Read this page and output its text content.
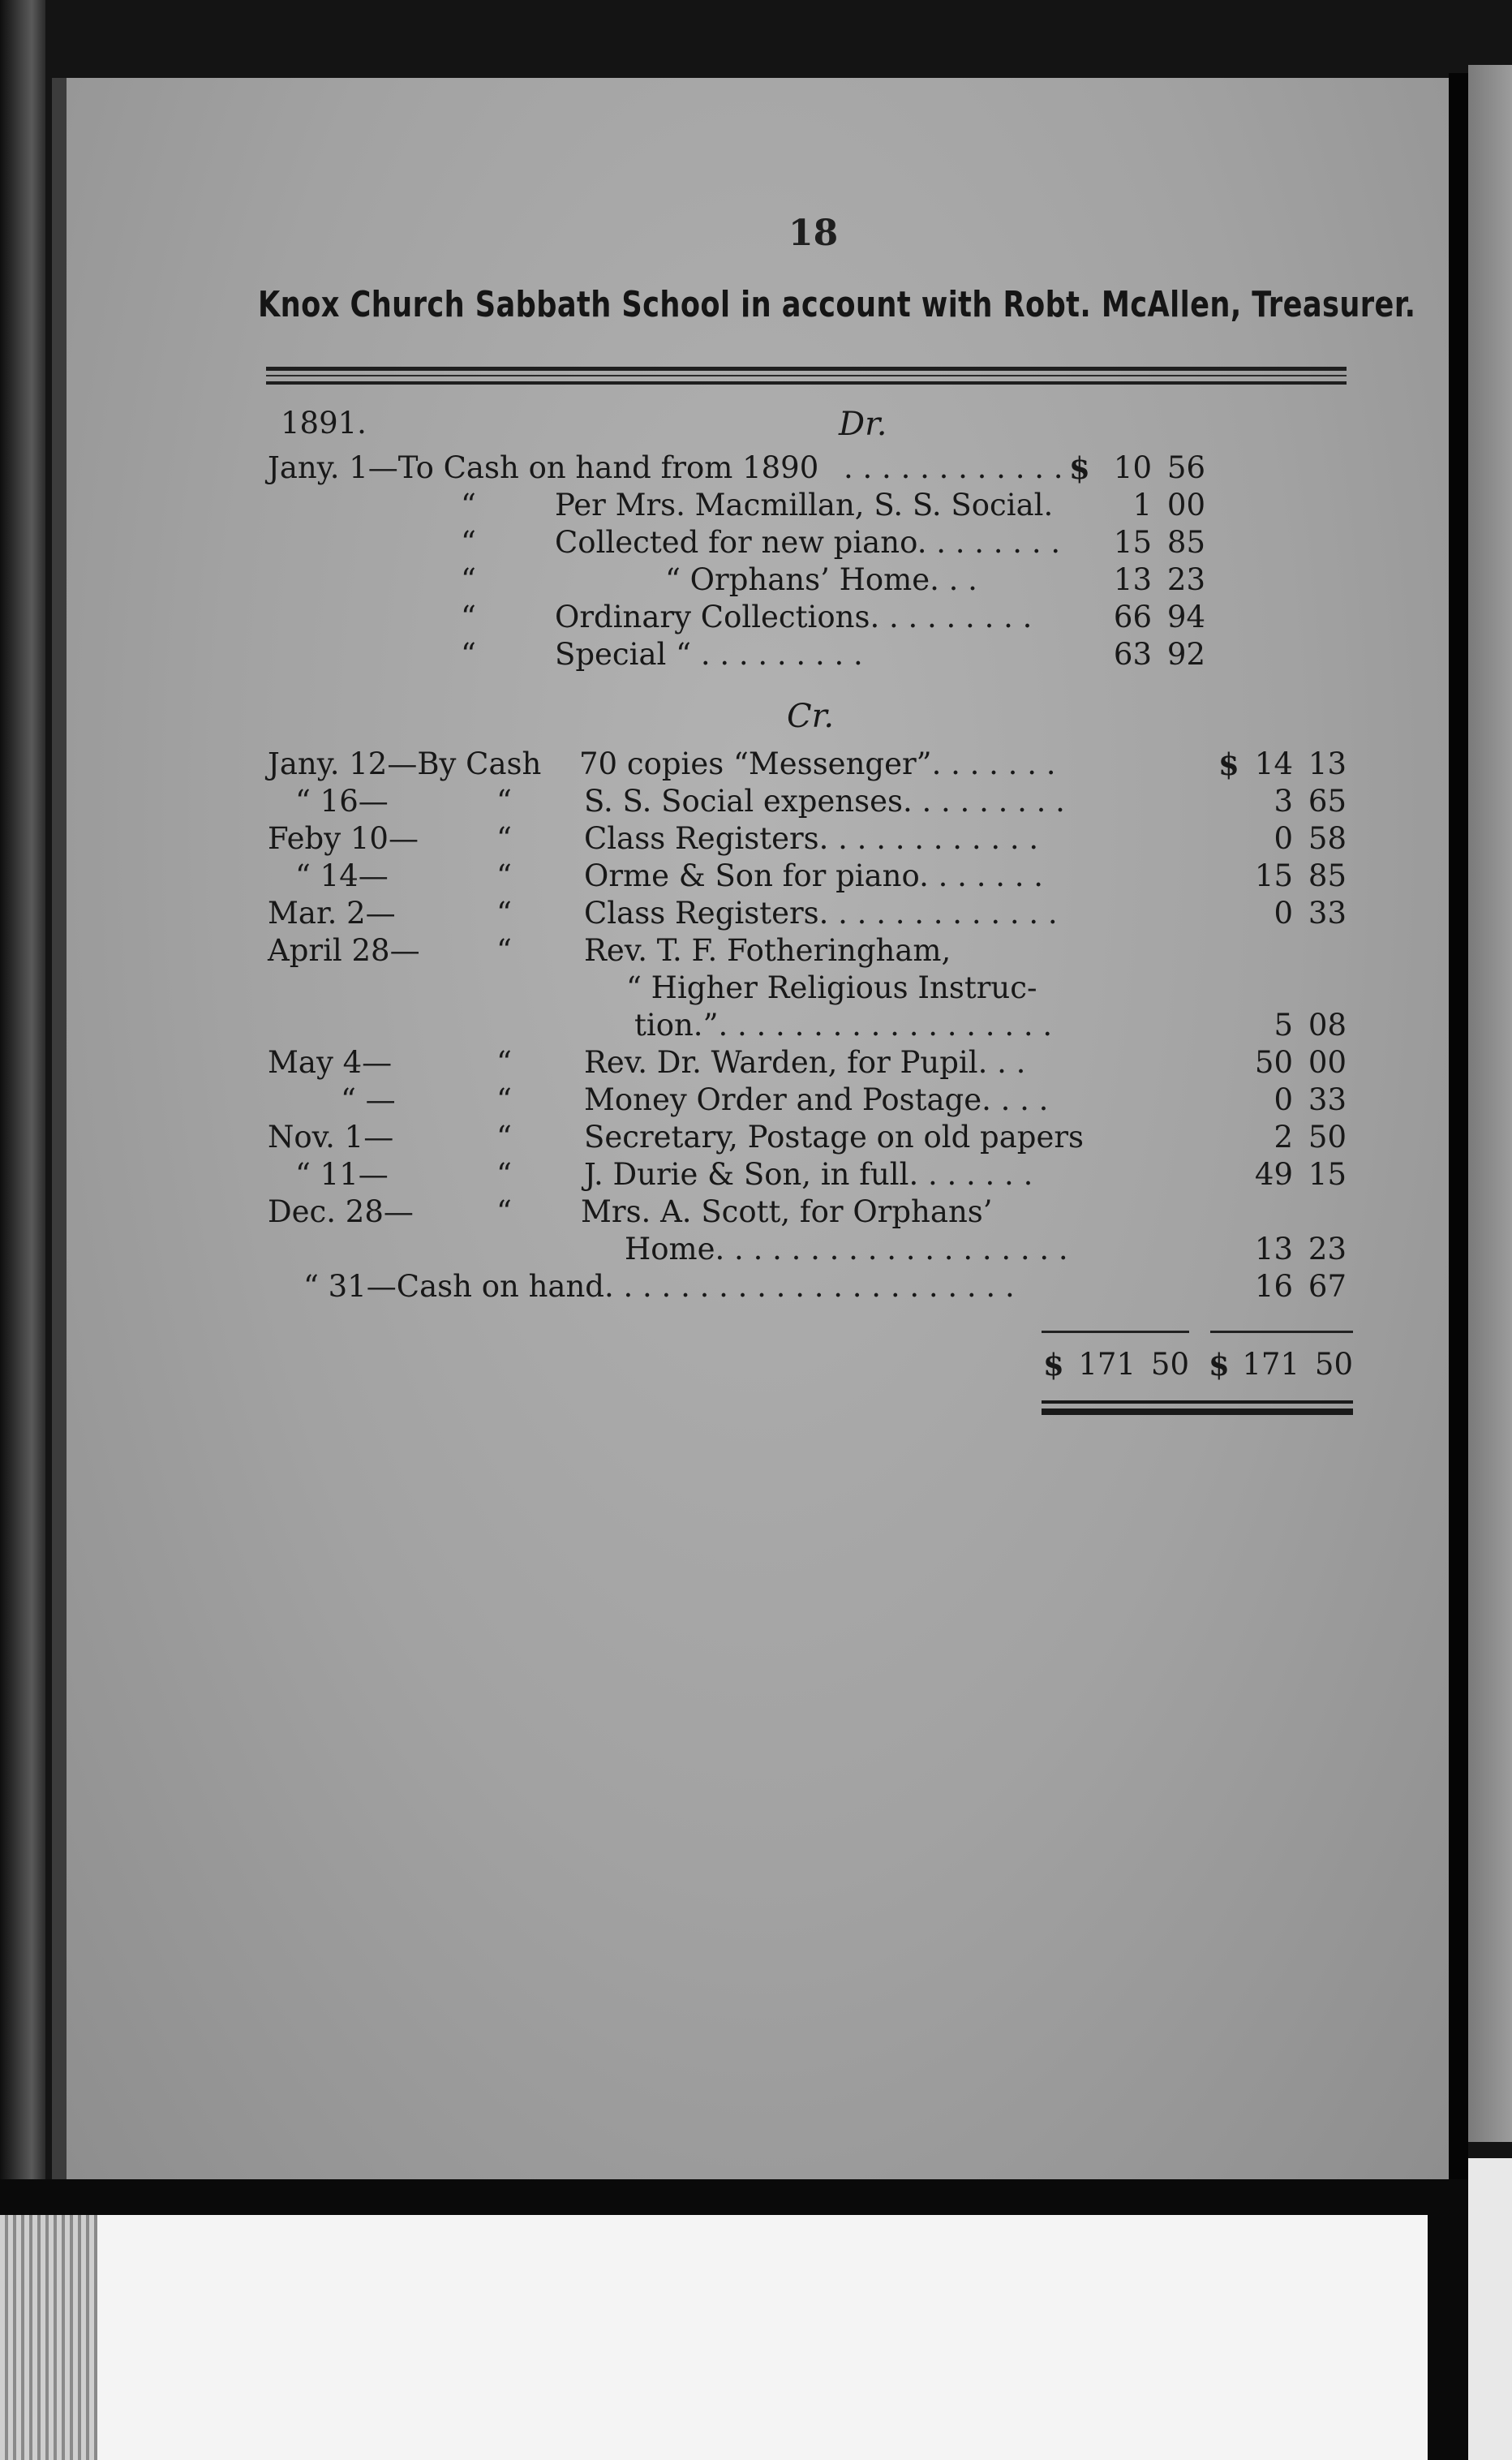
18
Knox Church Sabbath School in account with Robt. McAllen, Treasurer.
1891.	Dr.
Jany. 1—To Cash on hand from 1890 . . . . . . . . . . . . $ 10 56
“	Per Mrs. Macmillan, S. S. Social.	1 00
“	Collected for new piano. . . . . . . .	15 85
“	“ Orphans’ Home. . .	13 23
“	Ordinary Collections. . . . . . . . .	66 94
“	Special “ . . . . . . . . .	63 92
Cr.
Jany. 12—By Cash 70 copies “Messenger”. . . . . . .	$ 14 13
“ 16—	“ S. S. Social expenses. . . . . . . . .	3 65
Feby 10—	“ Class Registers. . . . . . . . . . . .	0 58
“ 14—	“ Orme & Son for piano. . . . . . .	15 85
Mar. 2—	“ Class Registers. . . . . . . . . . . . .	0 33
April 28—	“ Rev. T. F. Fotheringham,
“ Higher Religious Instruc-
tion.”. . . . . . . . . . . . . . . . . .	5 08
May 4—	“ Rev. Dr. Warden, for Pupil. . .	50 00
“ —	“ Money Order and Postage. . . .	0 33
Nov. 1—	“ Secretary, Postage on old papers	2 50
“ 11—	“ J. Durie & Son, in full. . . . . . .	49 15
Dec. 28—	“ Mrs. A. Scott, for Orphans’
Home. . . . . . . . . . . . . . . . . . .	13 23
“ 31—Cash on hand. . . . . . . . . . . . . . . . . . . . . .	16 67
$ 171 50 $ 171 50
